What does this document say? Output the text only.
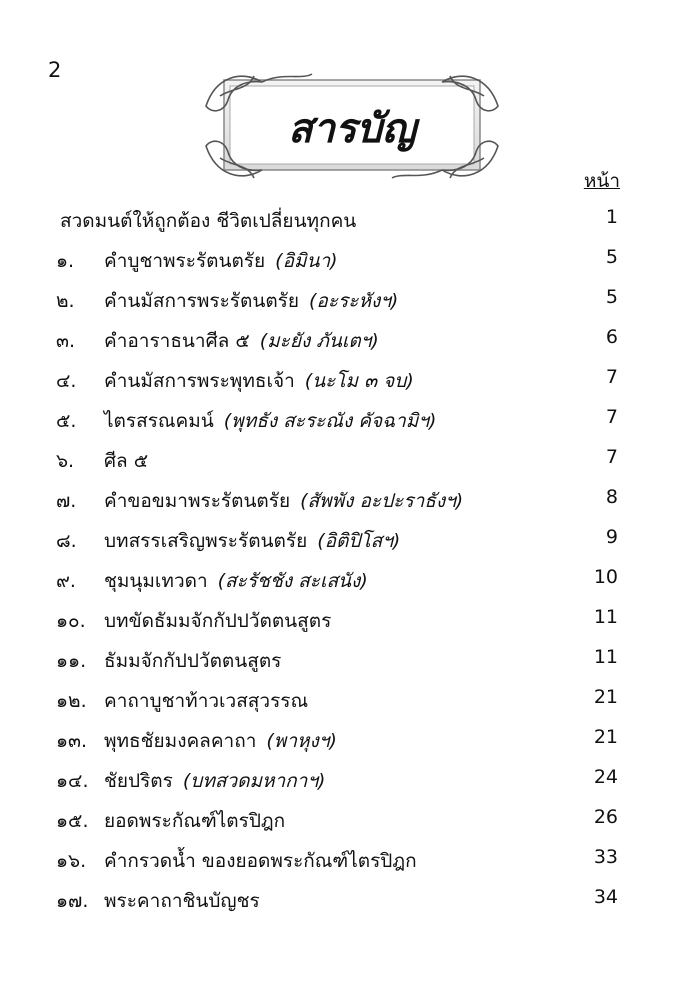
2
สารบัญ
หน้า
สวดมนต์ให้ถูกต้อง ชีวิตเปลี่ยนทุกคน	1
๑.	คำบูชาพระรัตนตรัย (อิมินา)	5
๒.	คำนมัสการพระรัตนตรัย (อะระหังฯ)	5
๓.	คำอาราธนาศีล ๕ (มะยัง ภันเตฯ)	6
๔.	คำนมัสการพระพุทธเจ้า (นะโม ๓ จบ)	7
๕.	ไตรสรณคมน์ (พุทธัง สะระณัง คัจฉามิฯ)	7
๖.	ศีล ๕	7
๗.	คำขอขมาพระรัตนตรัย (สัพพัง อะปะราธังฯ)	8
๘.	บทสรรเสริญพระรัตนตรัย (อิติปิโสฯ)	9
๙.	ชุมนุมเทวดา (สะรัชชัง สะเสนัง)	10
๑๐. บทขัดธัมมจักกัปปวัตตนสูตร	11
๑๑. ธัมมจักกัปปวัตตนสูตร	11
๑๒. คาถาบูชาท้าวเวสสุวรรณ	21
๑๓. พุทธชัยมงคลคาถา (พาหุงฯ)	21
๑๔. ชัยปริตร (บทสวดมหากาฯ)	24
๑๕. ยอดพระกัณฑ์ไตรปิฎก	26
๑๖. คำกรวดน้ำ ของยอดพระกัณฑ์ไตรปิฎก	33
๑๗. พระคาถาชินบัญชร	34
